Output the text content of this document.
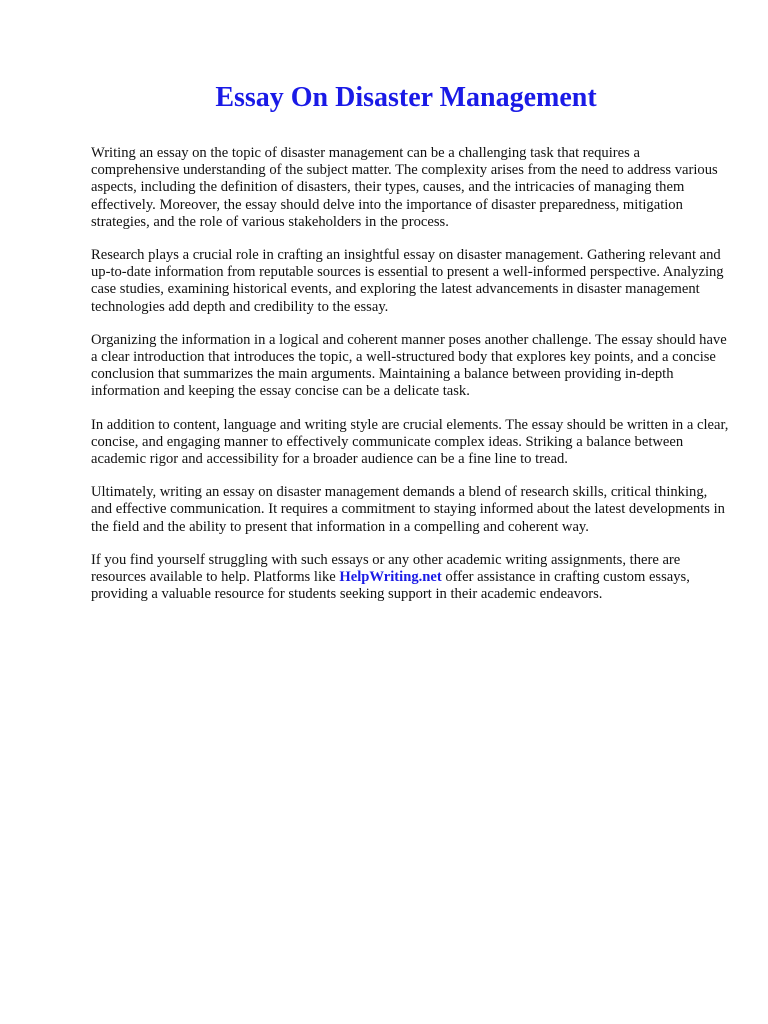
Essay On Disaster Management

Writing an essay on the topic of disaster management can be a challenging task that requires a comprehensive understanding of the subject matter. The complexity arises from the need to address various aspects, including the definition of disasters, their types, causes, and the intricacies of managing them effectively. Moreover, the essay should delve into the importance of disaster preparedness, mitigation strategies, and the role of various stakeholders in the process.

Research plays a crucial role in crafting an insightful essay on disaster management. Gathering relevant and up-to-date information from reputable sources is essential to present a well-informed perspective. Analyzing case studies, examining historical events, and exploring the latest advancements in disaster management technologies add depth and credibility to the essay.

Organizing the information in a logical and coherent manner poses another challenge. The essay should have a clear introduction that introduces the topic, a well-structured body that explores key points, and a concise conclusion that summarizes the main arguments. Maintaining a balance between providing in-depth information and keeping the essay concise can be a delicate task.

In addition to content, language and writing style are crucial elements. The essay should be written in a clear, concise, and engaging manner to effectively communicate complex ideas. Striking a balance between academic rigor and accessibility for a broader audience can be a fine line to tread.

Ultimately, writing an essay on disaster management demands a blend of research skills, critical thinking, and effective communication. It requires a commitment to staying informed about the latest developments in the field and the ability to present that information in a compelling and coherent way.

If you find yourself struggling with such essays or any other academic writing assignments, there are resources available to help. Platforms like HelpWriting.net offer assistance in crafting custom essays, providing a valuable resource for students seeking support in their academic endeavors.
